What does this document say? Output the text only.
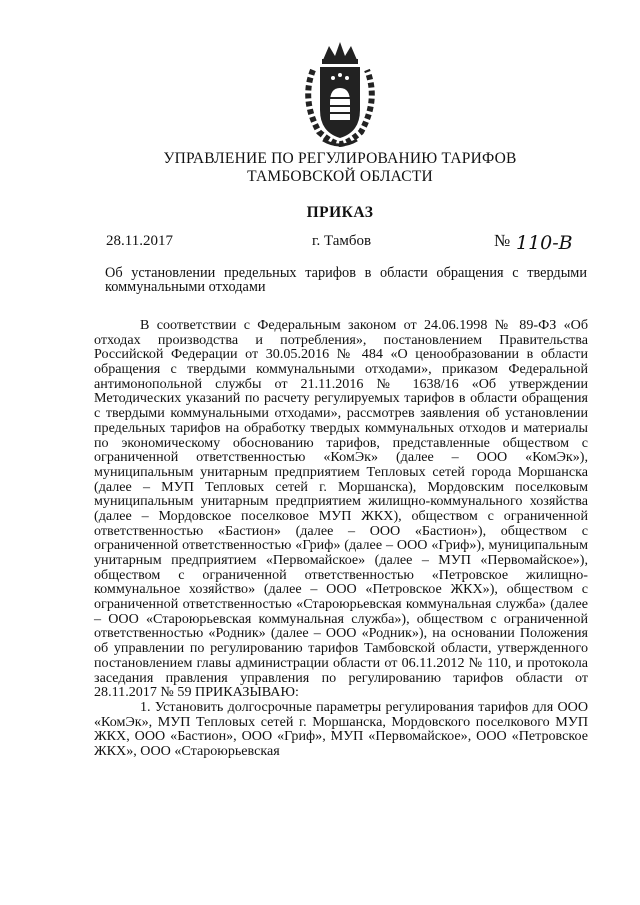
УПРАВЛЕНИЕ ПО РЕГУЛИРОВАНИЮ ТАРИФОВ
ТАМБОВСКОЙ ОБЛАСТИ
ПРИКАЗ
28.11.2017	г. Тамбов	№ 110-В
Об установлении предельных тарифов в области обращения с твердыми коммунальными отходами

В соответствии с Федеральным законом от 24.06.1998 № 89-ФЗ «Об отходах производства и потребления», постановлением Правительства Российской Федерации от 30.05.2016 № 484 «О ценообразовании в области обращения с твердыми коммунальными отходами», приказом Федеральной антимонопольной службы от 21.11.2016 № 1638/16 «Об утверждении Методических указаний по расчету регулируемых тарифов в области обращения с твердыми коммунальными отходами», рассмотрев заявления об установлении предельных тарифов на обработку твердых коммунальных отходов и материалы по экономическому обоснованию тарифов, представленные обществом с ограниченной ответственностью «КомЭк» (далее – ООО «КомЭк»), муниципальным унитарным предприятием Тепловых сетей города Моршанска (далее – МУП Тепловых сетей г. Моршанска), Мордовским поселковым муниципальным унитарным предприятием жилищно-коммунального хозяйства (далее – Мордовское поселковое МУП ЖКХ), обществом с ограниченной ответственностью «Бастион» (далее – ООО «Бастион»), обществом с ограниченной ответственностью «Гриф» (далее – ООО «Гриф»), муниципальным унитарным предприятием «Первомайское» (далее – МУП «Первомайское»), обществом с ограниченной ответственностью «Петровское жилищно-коммунальное хозяйство» (далее – ООО «Петровское ЖКХ»), обществом с ограниченной ответственностью «Староюрьевская коммунальная служба» (далее – ООО «Староюрьевская коммунальная служба»), обществом с ограниченной ответственностью «Родник» (далее – ООО «Родник»), на основании Положения об управлении по регулированию тарифов Тамбовской области, утвержденного постановлением главы администрации области от 06.11.2012 № 110, и протокола заседания правления управления по регулированию тарифов области от 28.11.2017 № 59 ПРИКАЗЫВАЮ:

1. Установить долгосрочные параметры регулирования тарифов для ООО «КомЭк», МУП Тепловых сетей г. Моршанска, Мордовского поселкового МУП ЖКХ, ООО «Бастион», ООО «Гриф», МУП «Первомайское», ООО «Петровское ЖКХ», ООО «Староюрьевская
